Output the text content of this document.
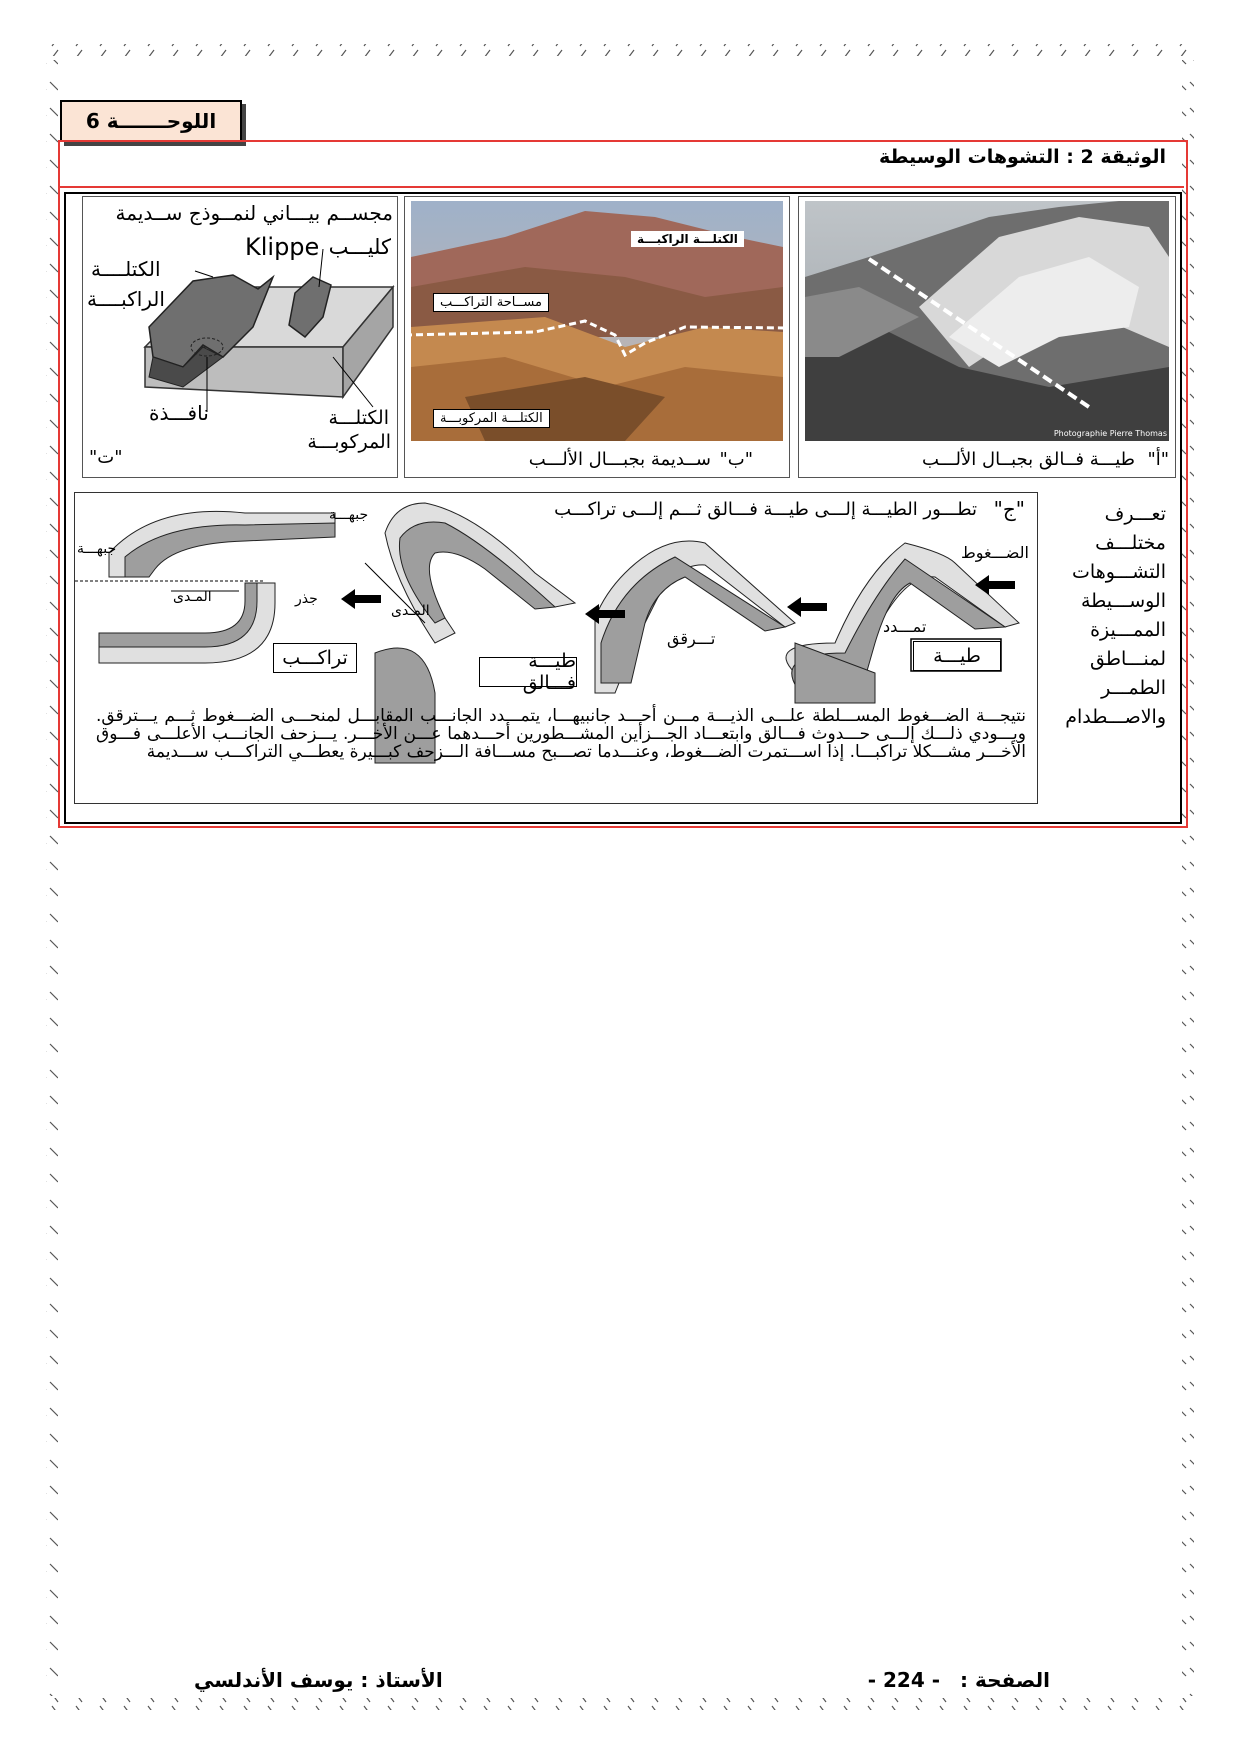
اللوحـــــــة 6
الوثيقة 2 : التشوهات الوسيطة
Photographie Pierre Thomas
طيـــة فــالق بجبــال الألـــب "أ"
الكتلـــة الراكبـــة
مســاحة التراكـــب
الكتلـــة المركوبـــة
ســديمة بجبـــال الألـــب "ب"
مجســم بيـــاني لنمــوذج ســديمة
كليـــب
Klippe
الكتلــــة
الراكبــــة
نافـــذة	الكتلـــة
المركوبـــة
"ت"
"ج"
تطـــور الطيـــة إلـــى طيـــة فـــالق ثـــم إلـــى تراكـــب
الضـــغوط
تمـــدد
تـــرقق
جبهـــة
جبهـــة
المـدى
المـدى
جذر
طيـــة
طيـــة فـــالق
تراكـــب
نتيجـــة الضـــغوط المســـلطة علـــى الذيـــة مـــن أحـــد جانبيهـــا، يتمـــدد الجانـــب المقابـــل لمنحـــى الضـــغوط ثـــم يـــترقق. ويـــودي ذلـــك إلـــى حـــدوث فـــالق وابتعـــاد الجـــزأين المشـــطورين أحـــدهما عـــن الأخـــر. يـــزحف الجانـــب الأعلـــى فـــوق الأخـــر مشـــكلا تراكبـــا. إذا اســـتمرت الضـــغوط، وعنـــدما تصـــبح مســـافة الـــزحف كبـــيرة يعطـــي التراكـــب ســـديمة
تعـــرف
مختلـــف
التشـــوهات
الوســـيطة
الممـــيزة
لمنـــاطق
الطمـــر
والاصـــطدام
الصفحة :
- 224 -
الأستاذ : يوسف الأندلسي
